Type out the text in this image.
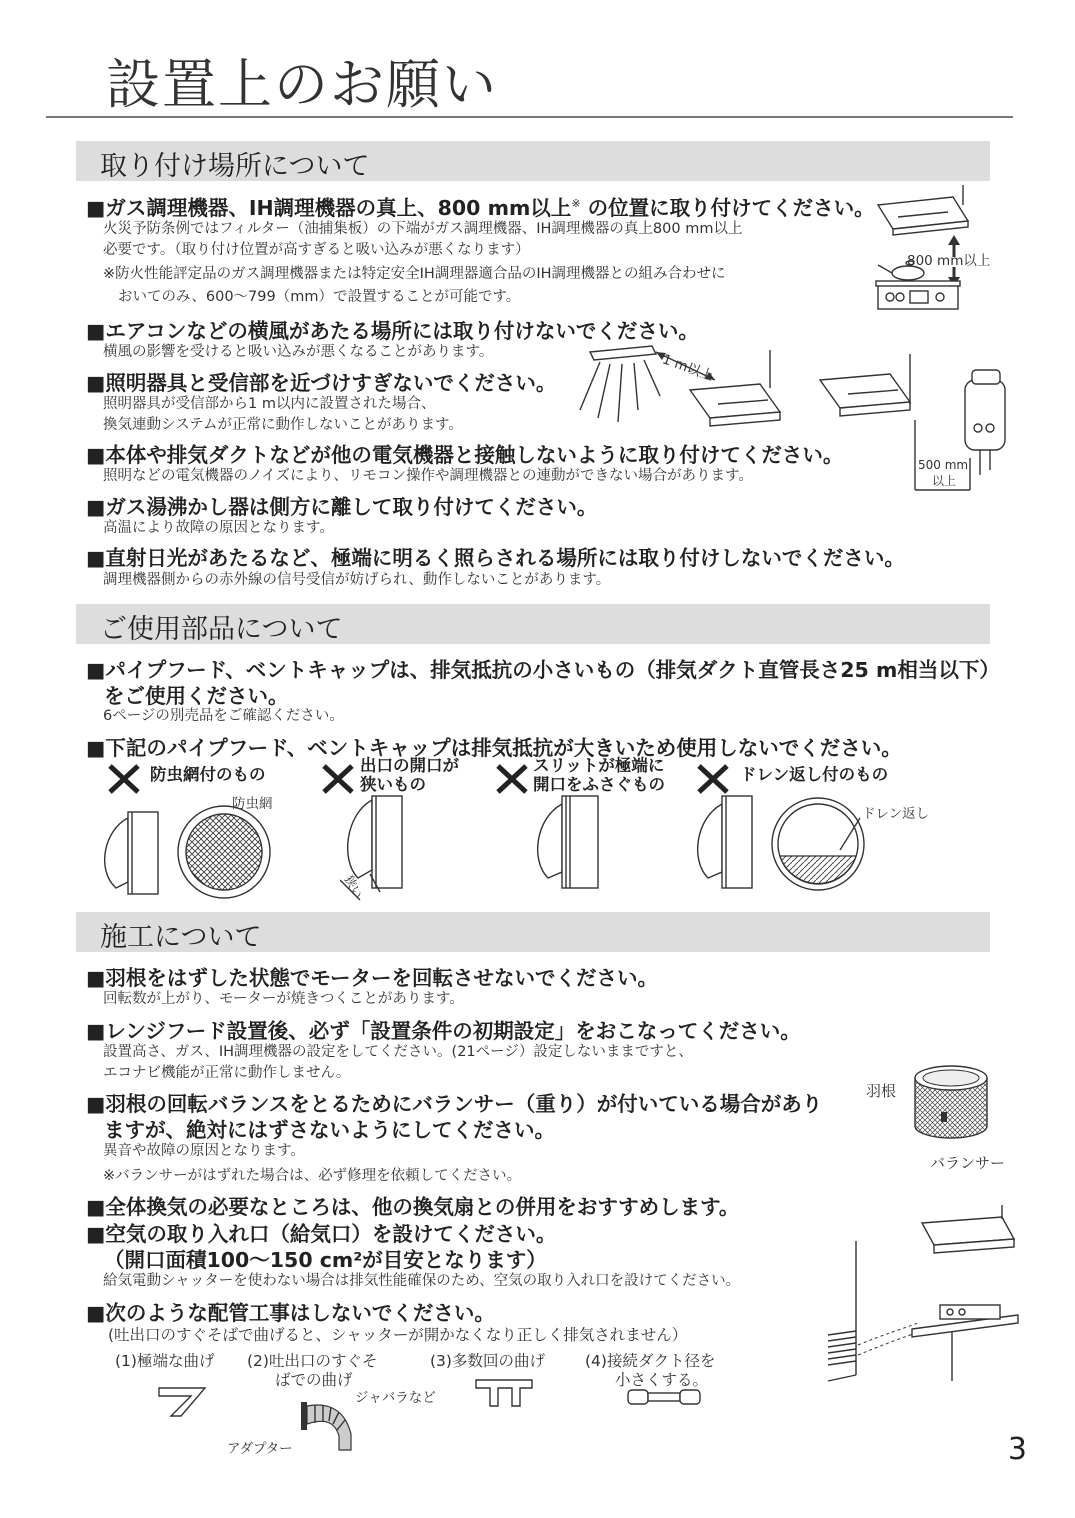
設置上のお願い
取り付け場所について
■ガス調理機器、IH調理機器の真上、800 mm以上※ の位置に取り付けてください。
火災予防条例ではフィルター（油捕集板）の下端がガス調理機器、IH調理機器の真上800 mm以上
必要です。（取り付け位置が高すぎると吸い込みが悪くなります）
※防火性能評定品のガス調理機器または特定安全IH調理器適合品のIH調理機器との組み合わせに
おいてのみ、600〜799（mm）で設置することが可能です。
800 mm以上
■エアコンなどの横風があたる場所には取り付けないでください。
横風の影響を受けると吸い込みが悪くなることがあります。
■照明器具と受信部を近づけすぎないでください。
照明器具が受信部から1 m以内に設置された場合、
換気連動システムが正常に動作しないことがあります。
1 m以上
500 mm
以上
■本体や排気ダクトなどが他の電気機器と接触しないように取り付けてください。
照明などの電気機器のノイズにより、リモコン操作や調理機器との連動ができない場合があります。
■ガス湯沸かし器は側方に離して取り付けてください。
高温により故障の原因となります。
■直射日光があたるなど、極端に明るく照らされる場所には取り付けしないでください。
調理機器側からの赤外線の信号受信が妨げられ、動作しないことがあります。
ご使用部品について
■パイプフード、ベントキャップは、排気抵抗の小さいもの（排気ダクト直管長さ25 m相当以下）
をご使用ください。
6ページの別売品をご確認ください。
■下記のパイプフード、ベントキャップは排気抵抗が大きいため使用しないでください。
防虫網付のもの	出口の開口が
狭いもの
スリットが極端に
開口をふさぐもの
ドレン返し付のもの
防虫網
狭い
ドレン返し
施工について
■羽根をはずした状態でモーターを回転させないでください。
回転数が上がり、モーターが焼きつくことがあります。
■レンジフード設置後、必ず「設置条件の初期設定」をおこなってください。
設置高さ、ガス、IH調理機器の設定をしてください。(21ページ）設定しないままですと、
エコナビ機能が正常に動作しません。
■羽根の回転バランスをとるためにバランサー（重り）が付いている場合があり
ますが、絶対にはずさないようにしてください。
異音や故障の原因となります。
※バランサーがはずれた場合は、必ず修理を依頼してください。
羽根
バランサー
■全体換気の必要なところは、他の換気扇との併用をおすすめします。
■空気の取り入れ口（給気口）を設けてください。
（開口面積100〜150 cm²が目安となります）
給気電動シャッターを使わない場合は排気性能確保のため、空気の取り入れ口を設けてください。
■次のような配管工事はしないでください。
(吐出口のすぐそばで曲げると、シャッターが開かなくなり正しく排気されません）
(1)極端な曲げ (2)吐出口のすぐそ
ばでの曲げ
(3)多数回の曲げ	(4)接続ダクト径を
小さくする。
ジャバラなど
アダプター	3
